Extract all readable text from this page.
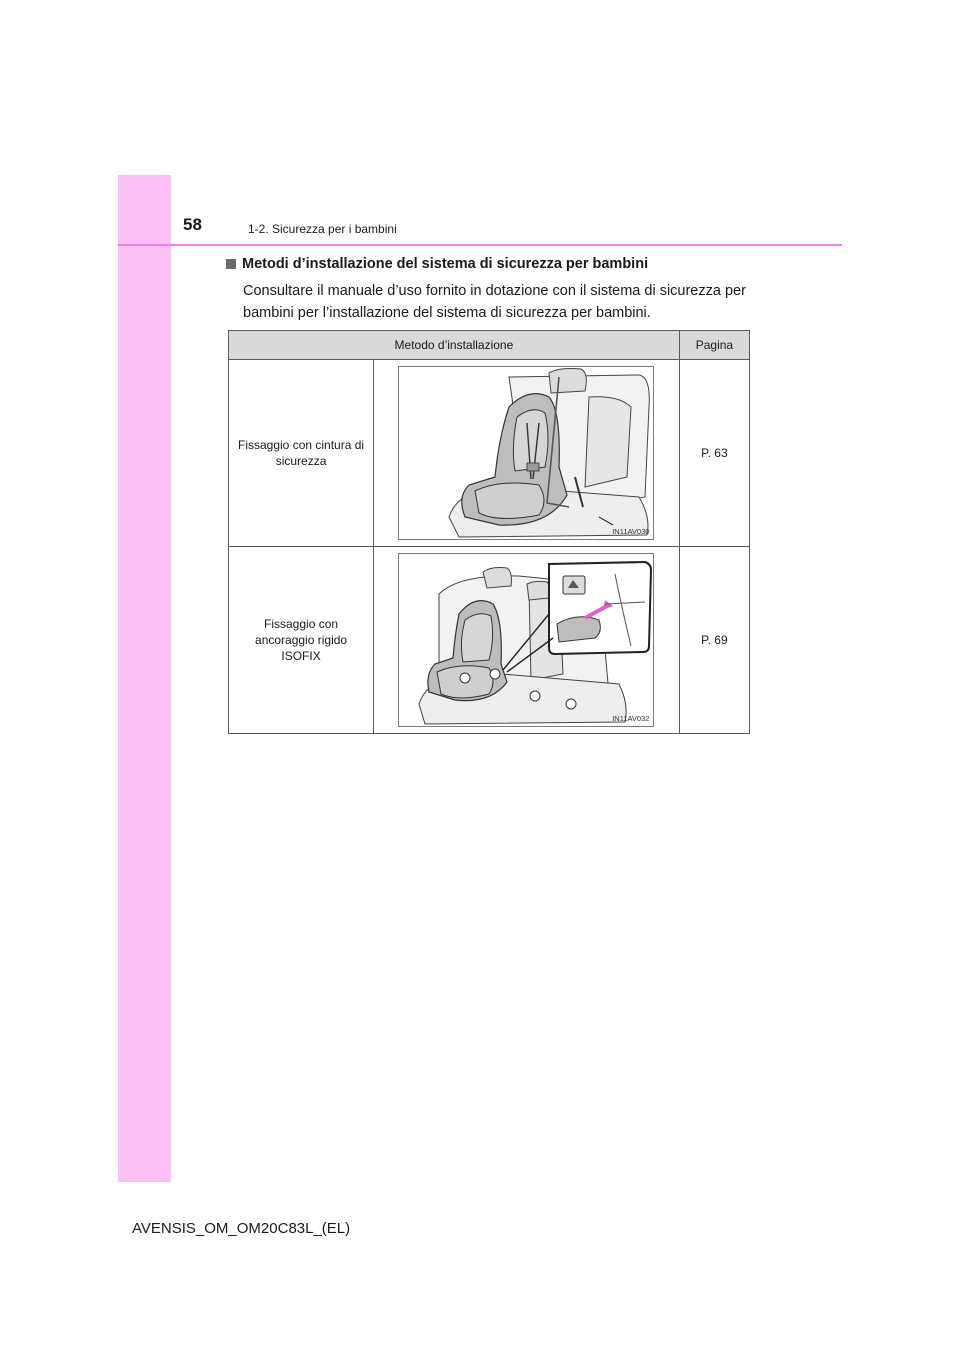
58	1-2. Sicurezza per i bambini
Metodi d’installazione del sistema di sicurezza per bambini
Consultare il manuale d’uso fornito in dotazione con il sistema di sicurezza per bambini per l’installazione del sistema di sicurezza per bambini.
Metodo d’installazione		Pagina

Fissaggio con cintura di sicurezza	IN11AV030	P. 63

Fissaggio con ancoraggio rigido ISOFIX	IN11AV032	P. 69
AVENSIS_OM_OM20C83L_(EL)
